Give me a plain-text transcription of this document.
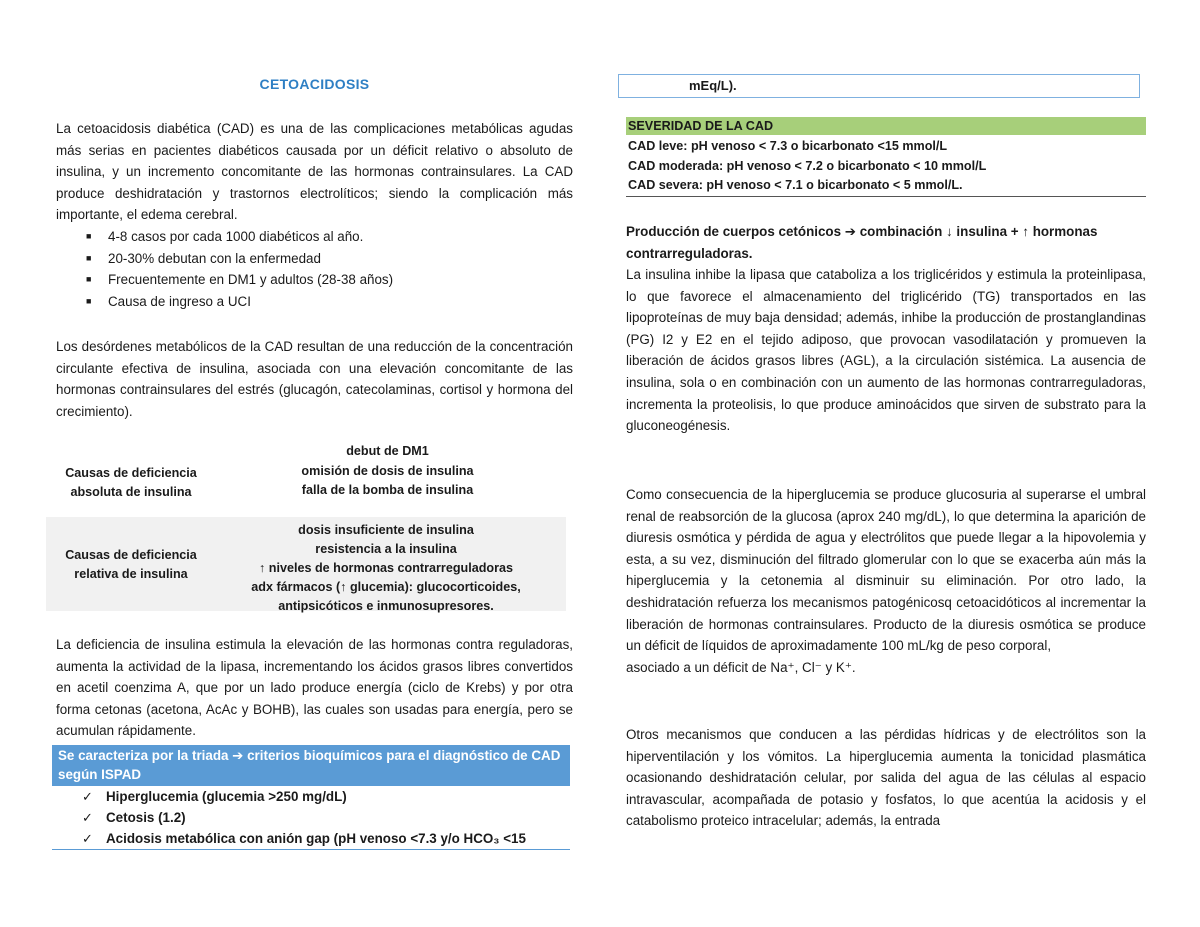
CETOACIDOSIS
La cetoacidosis diabética (CAD) es una de las complicaciones metabólicas agudas más serias en pacientes diabéticos causada por un déficit relativo o absoluto de insulina, y un incremento concomitante de las hormonas contrainsulares. La CAD produce deshidratación y trastornos electrolíticos; siendo la complicación más importante, el edema cerebral.
■ 4-8 casos por cada 1000 diabéticos al año.
■ 20-30% debutan con la enfermedad
■ Frecuentemente en DM1 y adultos (28-38 años)
■ Causa de ingreso a UCI
Los desórdenes metabólicos de la CAD resultan de una reducción de la concentración circulante efectiva de insulina, asociada con una elevación concomitante de las hormonas contrainsulares del estrés (glucagón, catecolaminas, cortisol y hormona del crecimiento).
Causas de deficiencia
absoluta de insulina
debut de DM1
omisión de dosis de insulina
falla de la bomba de insulina
Causas de deficiencia
relativa de insulina
dosis insuficiente de insulina
resistencia a la insulina
↑ niveles de hormonas contrarreguladoras
adx fármacos (↑ glucemia): glucocorticoides,
antipsicóticos e inmunosupresores.
La deficiencia de insulina estimula la elevación de las hormonas contra reguladoras, aumenta la actividad de la lipasa, incrementando los ácidos grasos libres convertidos en acetil coenzima A, que por un lado produce energía (ciclo de Krebs) y por otra forma cetonas (acetona, AcAc y BOHB), las cuales son usadas para energía, pero se acumulan rápidamente.
Se caracteriza por la triada ➔ criterios bioquímicos para el diagnóstico de CAD
según ISPAD
✓ Hiperglucemia (glucemia >250 mg/dL)
✓ Cetosis (1.2)
✓ Acidosis metabólica con anión gap (pH venoso <7.3 y/o HCO₃ <15
mEq/L).
SEVERIDAD DE LA CAD
CAD leve: pH venoso < 7.3 o bicarbonato <15 mmol/L
CAD moderada: pH venoso < 7.2 o bicarbonato < 10 mmol/L
CAD severa: pH venoso < 7.1 o bicarbonato < 5 mmol/L.
Producción de cuerpos cetónicos ➔ combinación ↓ insulina + ↑ hormonas
contrarreguladoras.
La insulina inhibe la lipasa que cataboliza a los triglicéridos y estimula la proteinlipasa, lo que favorece el almacenamiento del triglicérido (TG) transportados en las lipoproteínas de muy baja densidad; además, inhibe la producción de prostanglandinas (PG) I2 y E2 en el tejido adiposo, que provocan vasodilatación y promueven la liberación de ácidos grasos libres (AGL), a la circulación sistémica. La ausencia de insulina, sola o en combinación con un aumento de las hormonas contrarreguladoras, incrementa la proteolisis, lo que produce aminoácidos que sirven de substrato para la gluconeogénesis.
Como consecuencia de la hiperglucemia se produce glucosuria al superarse el umbral renal de reabsorción de la glucosa (aprox 240 mg/dL), lo que determina la aparición de diuresis osmótica y pérdida de agua y electrólitos que puede llegar a la hipovolemia y esta, a su vez, disminución del filtrado glomerular con lo que se exacerba aún más la hiperglucemia y la cetonemia al disminuir su eliminación. Por otro lado, la deshidratación refuerza los mecanismos patogénicosq cetoacidóticos al incrementar la liberación de hormonas contrainsulares. Producto de la diuresis osmótica se produce un déficit de líquidos de aproximadamente 100 mL/kg de peso corporal,
asociado a un déficit de Na⁺, Cl⁻ y K⁺.
Otros mecanismos que conducen a las pérdidas hídricas y de electrólitos son la hiperventilación y los vómitos. La hiperglucemia aumenta la tonicidad plasmática ocasionando deshidratación celular, por salida del agua de las células al espacio intravascular, acompañada de potasio y fosfatos, lo que acentúa la acidosis y el catabolismo proteico intracelular; además, la entrada
